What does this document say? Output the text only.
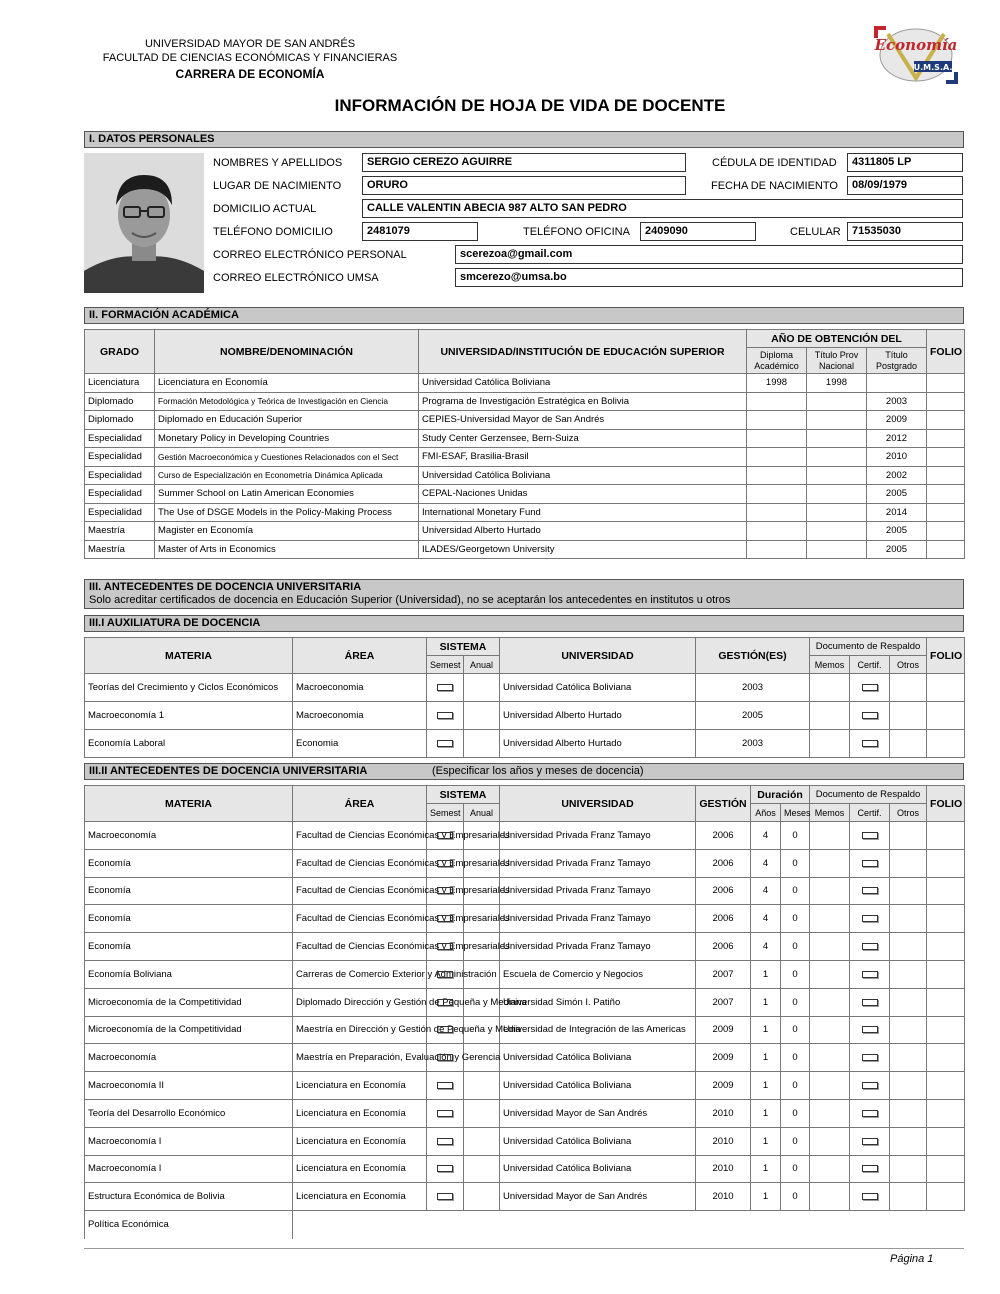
UNIVERSIDAD MAYOR DE SAN ANDRÉS
FACULTAD DE CIENCIAS ECONÓMICAS Y FINANCIERAS
CARRERA DE ECONOMÍA
Economía
U.M.S.A.
INFORMACIÓN DE HOJA DE VIDA DE DOCENTE
I. DATOS PERSONALES
NOMBRES Y APELLIDOS	SERGIO CEREZO AGUIRRE	CÉDULA DE IDENTIDAD	4311805 LP
LUGAR DE NACIMIENTO	ORURO	FECHA DE NACIMIENTO	08/09/1979
DOMICILIO ACTUAL	CALLE VALENTIN ABECIA 987 ALTO SAN PEDRO
TELÉFONO DOMICILIO	2481079	TELÉFONO OFICINA	2409090	CELULAR	71535030
CORREO ELECTRÓNICO PERSONAL	scerezoa@gmail.com
CORREO ELECTRÓNICO UMSA	smcerezo@umsa.bo
II. FORMACIÓN ACADÉMICA
GRADO	NOMBRE/DENOMINACIÓN	UNIVERSIDAD/INSTITUCIÓN DE EDUCACIÓN SUPERIOR	AÑO DE OBTENCIÓN DEL			FOLIO
			Diploma Académico	Título Prov Nacional	Título Postgrado	
Licenciatura	Licenciatura en Economía	Universidad Católica Boliviana	1998	1998		
Diplomado	Formación Metodológica y Teórica de Investigación en Ciencia	Programa de Investigación Estratégica en Bolivia			2003	
Diplomado	Diplomado en Educación Superior	CEPIES-Universidad Mayor de San Andrés			2009	
Especialidad	Monetary Policy in Developing Countries	Study Center Gerzensee, Bern-Suiza			2012	
Especialidad	Gestión Macroeconómica y Cuestiones Relacionados con el Sect	FMI-ESAF, Brasilia-Brasil			2010	
Especialidad	Curso de Especialización en Econometría Dinámica Aplicada	Universidad Católica Boliviana			2002	
Especialidad	Summer School on Latin American Economies	CEPAL-Naciones Unidas			2005	
Especialidad	The Use of DSGE Models in the Policy-Making Process	International Monetary Fund			2014	
Maestría	Magister en Economía	Universidad Alberto Hurtado			2005	
Maestría	Master of Arts in Economics	ILADES/Georgetown University			2005	
III. ANTECEDENTES DE DOCENCIA UNIVERSITARIA
Solo acreditar certificados de docencia en Educación Superior (Universidad), no se aceptarán los antecedentes en institutos u otros
III.I AUXILIATURA DE DOCENCIA
MATERIA	ÁREA	SISTEMA		UNIVERSIDAD	GESTIÓN(ES)	Documento de Respaldo			FOLIO
		Semest	Anual			Memos	Certif.	Otros	
Teorías del Crecimiento y Ciclos Económicos	Macroeconomia			Universidad Católica Boliviana	2003				
Macroeconomía 1	Macroeconomia			Universidad Alberto Hurtado	2005				
Economía Laboral	Economia			Universidad Alberto Hurtado	2003				
III.II ANTECEDENTES DE DOCENCIA UNIVERSITARIA	(Especificar los años y meses de docencia)
MATERIA	ÁREA	SISTEMA		UNIVERSIDAD	GESTIÓN	Duración		Documento de Respaldo			FOLIO
		Semest	Anual			Años	Meses	Memos	Certif.	Otros	
Macroeconomía	Facultad de Ciencias Económicas y Empresariales			Universidad Privada Franz Tamayo	2006	4	0				
Economía	Facultad de Ciencias Económicas y Empresariales			Universidad Privada Franz Tamayo	2006	4	0				
Economía	Facultad de Ciencias Económicas y Empresariales			Universidad Privada Franz Tamayo	2006	4	0				
Economía	Facultad de Ciencias Económicas y Empresariales			Universidad Privada Franz Tamayo	2006	4	0				
Economía	Facultad de Ciencias Económicas y Empresariales			Universidad Privada Franz Tamayo	2006	4	0				
Economía Boliviana	Carreras de Comercio Exterior y Administración			Escuela de Comercio y Negocios	2007	1	0				
Microeconomía de la Competitividad	Diplomado Dirección y Gestión de Pequeña y Mediana			Universidad Simón I. Patiño	2007	1	0				
Microeconomía de la Competitividad	Maestría en Dirección y Gestión de Pequeña y Media			Universidad de Integración de las Americas	2009	1	0				
Macroeconomía	Maestría en Preparación, Evaluación y Gerencia			Universidad Católica Boliviana	2009	1	0				
Macroeconomía II	Licenciatura en Economía			Universidad Católica Boliviana	2009	1	0				
Teoría del Desarrollo Económico	Licenciatura en Economía			Universidad Mayor de San Andrés	2010	1	0				
Macroeconomía I	Licenciatura en Economía			Universidad Católica Boliviana	2010	1	0				
Macroeconomía I	Licenciatura en Economía			Universidad Católica Boliviana	2010	1	0				
Estructura Económica de Bolivia	Licenciatura en Economía			Universidad Mayor de San Andrés	2010	1	0				
Política Económica											
Página 1
